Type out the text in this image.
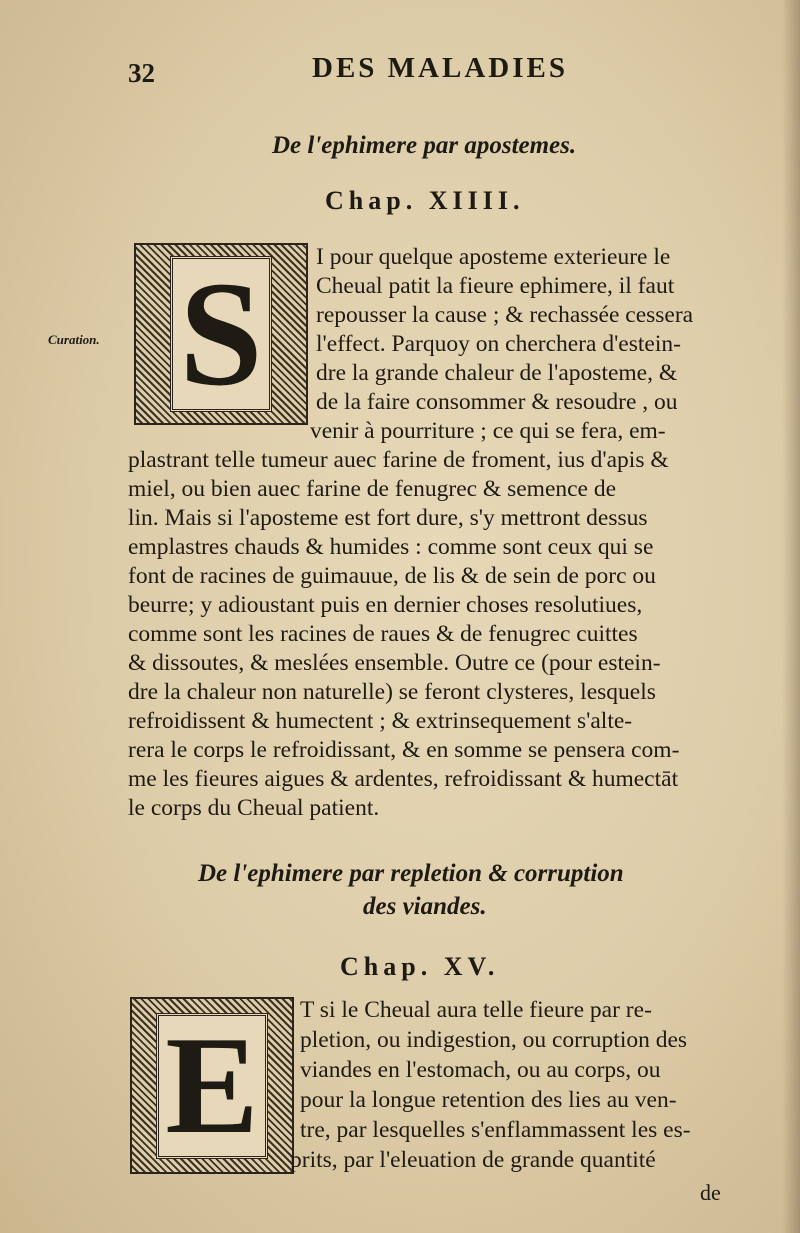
32	DES MALADIES
De l'ephimere par apostemes.
Chap. XIIII.
Curation. S	I pour quelque aposteme exterieure le
Cheual patit la fieure ephimere, il faut
repousser la cause ; & rechassée cessera
l'effect. Parquoy on cherchera d'estein-
dre la grande chaleur de l'aposteme, &
de la faire consommer & resoudre , ou
venir à pourriture ; ce qui se fera, em-
plastrant telle tumeur auec farine de froment, ius d'apis &
miel, ou bien auec farine de fenugrec & semence de
lin. Mais si l'aposteme est fort dure, s'y mettront dessus
emplastres chauds & humides : comme sont ceux qui se
font de racines de guimauue, de lis & de sein de porc ou
beurre; y adioustant puis en dernier choses resolutiues,
comme sont les racines de raues & de fenugrec cuittes
& dissoutes, & meslées ensemble. Outre ce (pour estein-
dre la chaleur non naturelle) se feront clysteres, lesquels
refroidissent & humectent ; & extrinsequement s'alte-
rera le corps le refroidissant, & en somme se pensera com-
me les fieures aigues & ardentes, refroidissant & humectāt
le corps du Cheual patient.
De l'ephimere par repletion & corruption
des viandes.
Chap. XV.
E	T si le Cheual aura telle fieure par re-
pletion, ou indigestion, ou corruption des
viandes en l'estomach, ou au corps, ou
pour la longue retention des lies au ven-
tre, par lesquelles s'enflammassent les es-
prits, par l'eleuation de grande quantité
de
